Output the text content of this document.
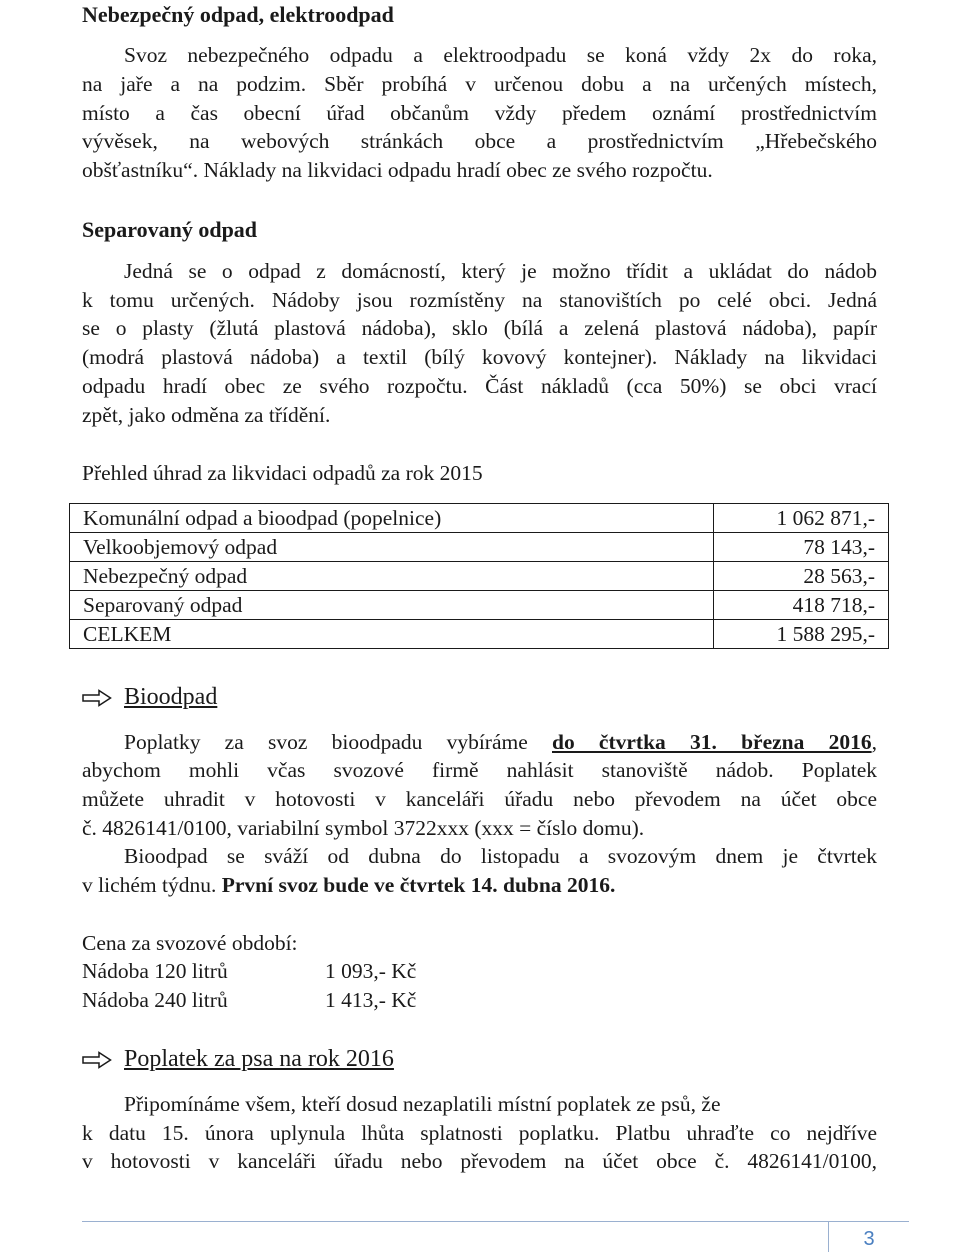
Nebezpečný odpad, elektroodpad
Svoz nebezpečného odpadu a elektroodpadu se koná vždy 2x do roka,
na jaře a na podzim. Sběr probíhá v určenou dobu a na určených místech,
místo a čas obecní úřad občanům vždy předem oznámí prostřednictvím
vývěsek, na webových stránkách obce a prostřednictvím „Hřebečského
obšťastníku“. Náklady na likvidaci odpadu hradí obec ze svého rozpočtu.
Separovaný odpad
Jedná se o odpad z domácností, který je možno třídit a ukládat do nádob
k tomu určených. Nádoby jsou rozmístěny na stanovištích po celé obci. Jedná
se o plasty (žlutá plastová nádoba), sklo (bílá a zelená plastová nádoba), papír
(modrá plastová nádoba) a textil (bílý kovový kontejner). Náklady na likvidaci
odpadu hradí obec ze svého rozpočtu. Část nákladů (cca 50%) se obci vrací
zpět, jako odměna za třídění.
Přehled úhrad za likvidaci odpadů za rok 2015
Komunální odpad a bioodpad (popelnice)	1 062 871,-
Velkoobjemový odpad	78 143,-
Nebezpečný odpad	28 563,-
Separovaný odpad	418 718,-
CELKEM	1 588 295,-
Bioodpad
Poplatky za svoz bioodpadu vybíráme do čtvrtka 31. března 2016,
abychom mohli včas svozové firmě nahlásit stanoviště nádob. Poplatek
můžete uhradit v hotovosti v kanceláři úřadu nebo převodem na účet obce
č. 4826141/0100, variabilní symbol 3722xxx (xxx = číslo domu).
Bioodpad se sváží od dubna do listopadu a svozovým dnem je čtvrtek
v lichém týdnu. První svoz bude ve čtvrtek 14. dubna 2016.
Cena za svozové období:
Nádoba 120 litrů	1 093,- Kč
Nádoba 240 litrů	1 413,- Kč
Poplatek za psa na rok 2016
Připomínáme všem, kteří dosud nezaplatili místní poplatek ze psů, že
k datu 15. února uplynula lhůta splatnosti poplatku. Platbu uhraďte co nejdříve
v hotovosti v kanceláři úřadu nebo převodem na účet obce č. 4826141/0100,
3
